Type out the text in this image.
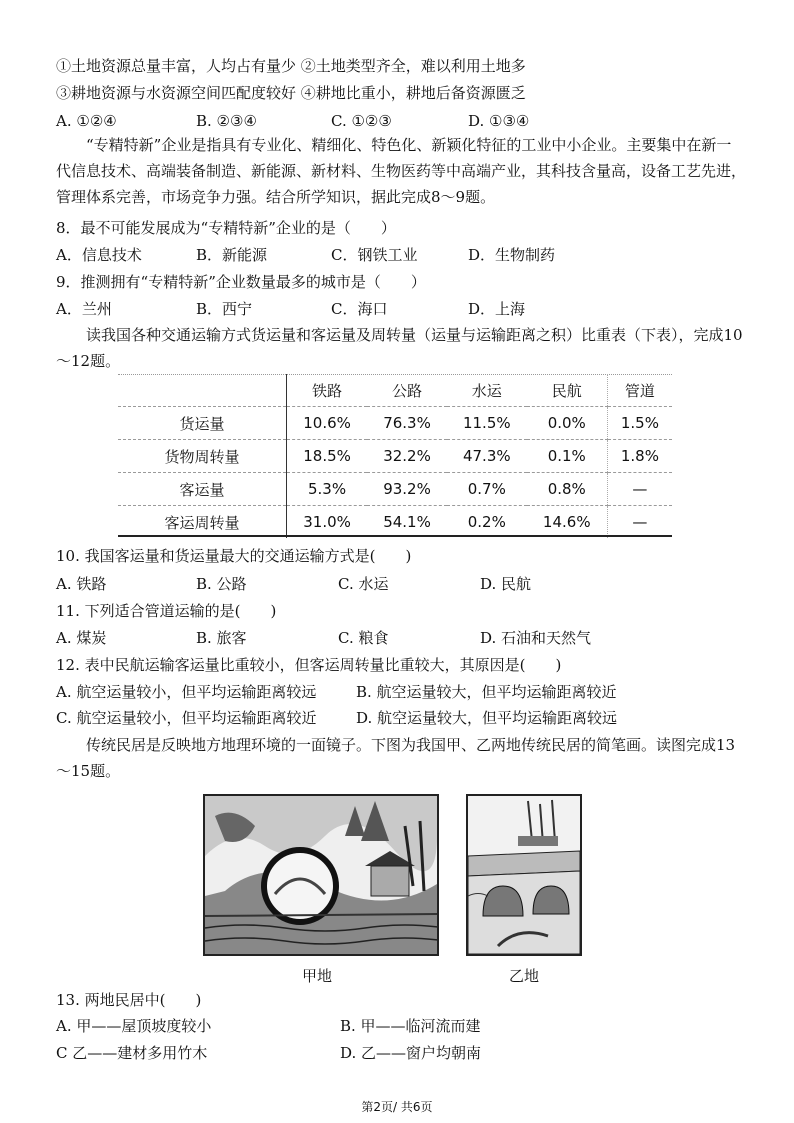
①土地资源总量丰富，人均占有量少 ②土地类型齐全，难以利用土地多
③耕地资源与水资源空间匹配度较好 ④耕地比重小，耕地后备资源匮乏
A. ①②④	B. ②③④	C. ①②③	D. ①③④
“专精特新”企业是指具有专业化、精细化、特色化、新颖化特征的工业中小企业。主要集中在新一代信息技术、高端装备制造、新能源、新材料、生物医药等中高端产业，其科技含量高，设备工艺先进，管理体系完善，市场竞争力强。结合所学知识，据此完成8～9题。
8．最不可能发展成为“专精特新”企业的是（　　）
A．信息技术	B．新能源	C．钢铁工业	D．生物制药
9．推测拥有“专精特新”企业数量最多的城市是（　　）
A．兰州	B．西宁	C．海口	D．上海
读我国各种交通运输方式货运量和客运量及周转量（运量与运输距离之积）比重表（下表），完成10～12题。
	铁路	公路	水运	民航	管道
货运量	10.6%	76.3%	11.5%	0.0%	1.5%
货物周转量	18.5%	32.2%	47.3%	0.1%	1.8%
客运量	5.3%	93.2%	0.7%	0.8%	—
客运周转量	31.0%	54.1%	0.2%	14.6%	—
10. 我国客运量和货运量最大的交通运输方式是(　　)
A. 铁路	B. 公路	C. 水运	D. 民航
11. 下列适合管道运输的是(　　)
A. 煤炭	B. 旅客	C. 粮食	D. 石油和天然气
12. 表中民航运输客运量比重较小，但客运周转量比重较大，其原因是(　　)
A. 航空运量较小，但平均运输距离较远	B. 航空运量较大，但平均运输距离较近
C. 航空运量较小，但平均运输距离较近	D. 航空运量较大，但平均运输距离较远
传统民居是反映地方地理环境的一面镜子。下图为我国甲、乙两地传统民居的简笔画。读图完成13～15题。
甲地	乙地
13. 两地民居中(　　)
A. 甲——屋顶坡度较小	B. 甲——临河流而建
C 乙——建材多用竹木	D. 乙——窗户均朝南
第2页/ 共6页
